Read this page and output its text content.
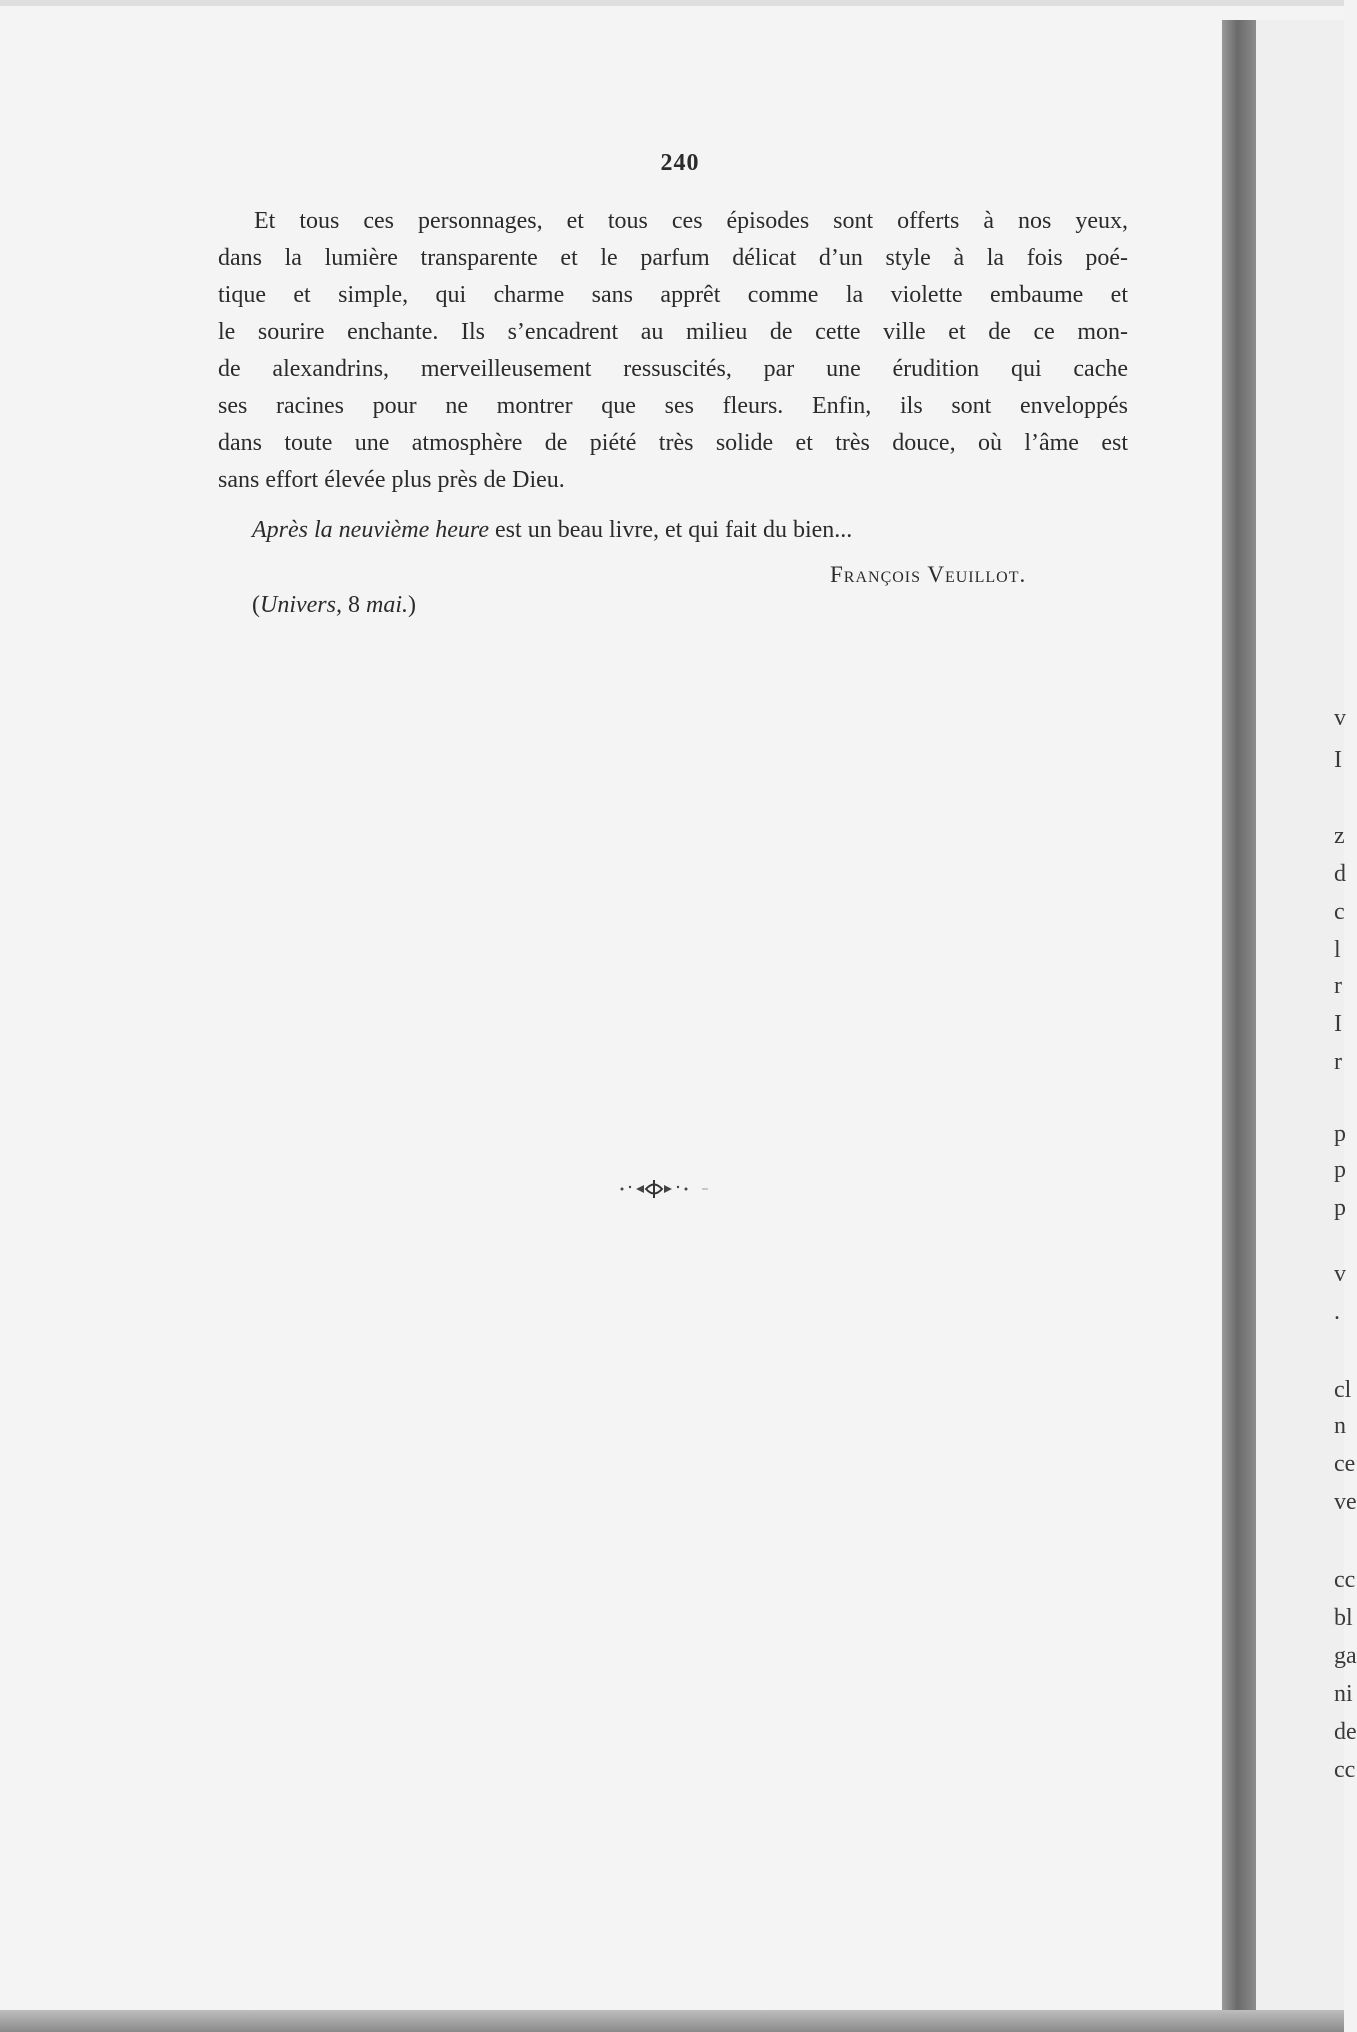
240
Et tous ces personnages, et tous ces épisodes sont offerts à nos yeux,
dans la lumière transparente et le parfum délicat d’un style à la fois poé-
tique et simple, qui charme sans apprêt comme la violette embaume et
le sourire enchante. Ils s’encadrent au milieu de cette ville et de ce mon-
de alexandrins, merveilleusement ressuscités, par une érudition qui cache
ses racines pour ne montrer que ses fleurs. Enfin, ils sont enveloppés
dans toute une atmosphère de piété très solide et très douce, où l’âme est
sans effort élevée plus près de Dieu.
Après la neuvième heure est un beau livre, et qui fait du bien...
François Veuillot.
(Univers, 8 mai.)
v
I
z
d
c
l
r
I
r
p
p
p
v
.
cl
n
ce
ve
cc
bl
ga
ni
de
cc
